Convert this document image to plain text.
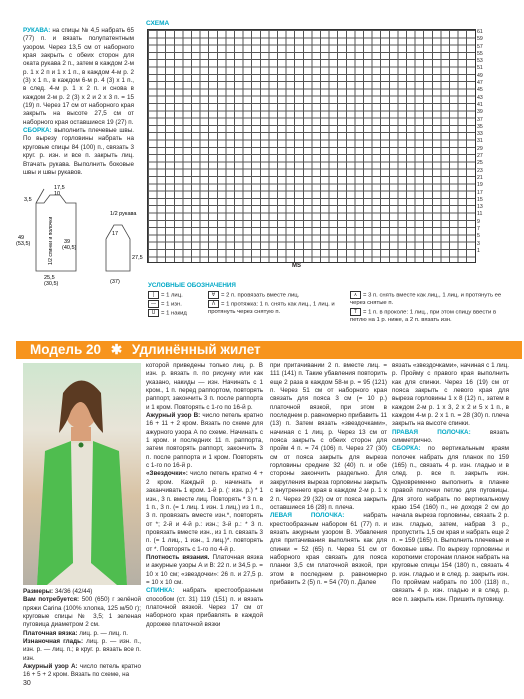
РУКАВА: на спицы № 4,5 набрать 65 (77) п. и вязать полупатентным узором. Через 13,5 см от наборного края закрыть с обеих сторон для оката рукава 2 п., затем в каждом 2-м р. 1 х 2 п и 1 х 1 п., в каждом 4-м р. 2 (3) х 1 п., в каждом 6-м р. 4 (3) х 1 п., в след. 4-м р. 1 х 2 п. и снова в каждом 2-м р. 2 (3) х 2 и 2 х 3 п. = 15 (19) п. Через 17 см от наборного края закрыть на высоте 27,5 см от наборного края оставшиеся 19 (27) п.

СБОРКА: выполнить плечевые швы. По вырезу горловины набрать на круговые спицы 84 (100) п., связать 3 круг. р. изн. и все п. закрыть лиц. Втачать рукава. Выполнить боковые швы и швы рукавов.

3,5
49
(53,5)	39
(40,5)
25,5
(30,5)
17,5
10
1/2 рукава
17
27,5
(37)
1/2 спинки и полочки
СХЕМА
61
59
57
55
53
51
49
47
45
43
41
39
37
35
33
31
29
27
25
23
21
19
17
15
13
11
9
7
5
3
1
MS
УСЛОВНЫЕ ОБОЗНАЧЕНИЯ
| = 1 лиц.
— = 1 изн.
U = 1 накид
∀ = 2 п. провязать вместе лиц.
Ʌ = 1 протяжка: 1 п. снять как лиц., 1 лиц. и протянуть через снятую п.
⋏ = 3 п. снять вместе как лиц., 1 лиц. и протянуть ее через снятые п.
T = 1 п. в проколе: 1 лиц., при этом спицу ввести в петлю на 1 р. ниже, а 2 п. вязать изн.
Модель 20 ✱ Удлинённый жилет

Размеры: 34/36 (42/44)

Вам потребуется: 500 (650) г зелёной пряжи Carina (100% хлопка, 125 м/50 г); круговые спицы № 3,5; 1 зеленая пуговица диаметром 2 см.

Платочная вязка: лиц. р. — лиц. п.

Изнаночная гладь: лиц. р. — изн. п., изн. р. — лиц. п.; в круг. р. вязать все п. изн.

Ажурный узор А: число петель кратно 16 + 5 + 2 кром. Вязать по схеме, на

которой приведены только лиц. р. В изн. р. вязать п. по рисунку или как указано, накиды — изн. Начинать с 1 кром., 1 п. перед раппортом, повторять раппорт, закончить 3 п. после раппорта и 1 кром. Повторять с 1-го по 16-й р.

Ажурный узор В: число петель кратно 16 + 11 + 2 кром. Вязать по схеме для ажурного узора А по схеме. Начинать с 1 кром. и последних 11 п. раппорта, затем повторять раппорт, закончить 3 п. после раппорта и 1 кром. Повторять с 1-го по 16-й р.

«Звездочки»: число петель кратно 4 + 2 кром. Каждый р. начинать и заканчивать 1 кром. 1-й р. (: изн. р.) * 1 изн., 3 п. вместе лиц. Повторять * 3 п. в 1 п., 3 п. (= 1 лиц. 1 изн. 1 лиц.) из 1 п., 3 п. провязать вместе изн.*, повторять от *; 2-й и 4-й р.: изн.; 3-й р.: * 3 п. провязать вместе изн., из 1 п. связать 3 п. (= 1 лиц., 1 изн., 1 лиц.)*. повторять от *. Повторять с 1-го по 4-й р.

Плотность вязания. Платочная вязка и ажурные узоры А и В: 22 п. и 34,5 р. = 10 х 10 см; «звездочки»: 26 п. и 27,5 р. = 10 х 10 см.

СПИНКА: набрать крестообразным способом (ст. 31) 119 (151) п. и вязать платочной вязкой. Через 17 см от наборного края прибавлять в каждой дорожке платочной вязки

при притачивании 2 п. вместе лиц. = 111 (141) п. Такие убавления повторить еще 2 раза в каждом 58-м р. = 95 (121) п. Через 51 см от наборного края связать для пояса 3 см (= 10 р.) платочной вязкой, при этом в последнем р. равномерно прибавить 11 (13) п. Затем вязать «звездочками», начиная с 1 лиц. р. Через 13 см от пояса закрыть с обеих сторон для пройм 4 п. = 74 (106) п. Через 27 (30) см от пояса закрыть для выреза горловины средние 32 (40) п. и обе стороны закончить раздельно. Для закругления выреза горловины закрыть с внутреннего края в каждом 2-м р. 1 х 2 п. Через 29 (32) см от пояса закрыть оставшиеся 16 (28) п. плеча.

ЛЕВАЯ ПОЛОЧКА:	набрать крестообразным набором 61 (77) п. и вязать ажурным узором В. Убавления для притачивания выполнять как для спинки = 52 (65) п. Через 51 см от наборного края связать для пояса планки 3,5 см платочной вязкой, при этом в последнем р. равномерно прибавить 2 (5) п. = 54 (70) п. Далее

вязать «звездочками», начиная с 1 лиц. р. Пройму с правого края выполнить как для спинки. Через 16 (19) см от пояса закрыть с левого края для выреза горловины 1 х 8 (12) п., затем в каждом 2-м р. 1 х 3, 2 х 2 и 5 х 1 п., в каждом 4-м р. 2 х 1 п. = 28 (30) п. плеча закрыть на высоте спинки.

ПРАВАЯ ПОЛОЧКА:	вязать симметрично.

СБОРКА: по вертикальным краям полочек набрать для планок по 159 (165) п., связать 4 р. изн. гладью и в след. р. все п. закрыть изн. Одновременно выполнить в планке правой полочки петлю для пуговицы. Для этого набрать по вертикальному краю 154 (160) п., не доходя 2 см до начала выреза горловины, связать 2 р. изн. гладью, затем, набрав 3 р., пропустить 1,5 см края и набрать еще 2 п. = 159 (165) п. Выполнить плечевые и боковые швы. По вырезу горловины и короткими сторонам планок набрать на круговые спицы 154 (180) п., связать 4 р. изн. гладью и в след. р. закрыть изн. По проймам набрать по 100 (118) п., связать 4 р. изн. гладью и в след. р. все п. закрыть изн. Пришить пуговицу.

30
